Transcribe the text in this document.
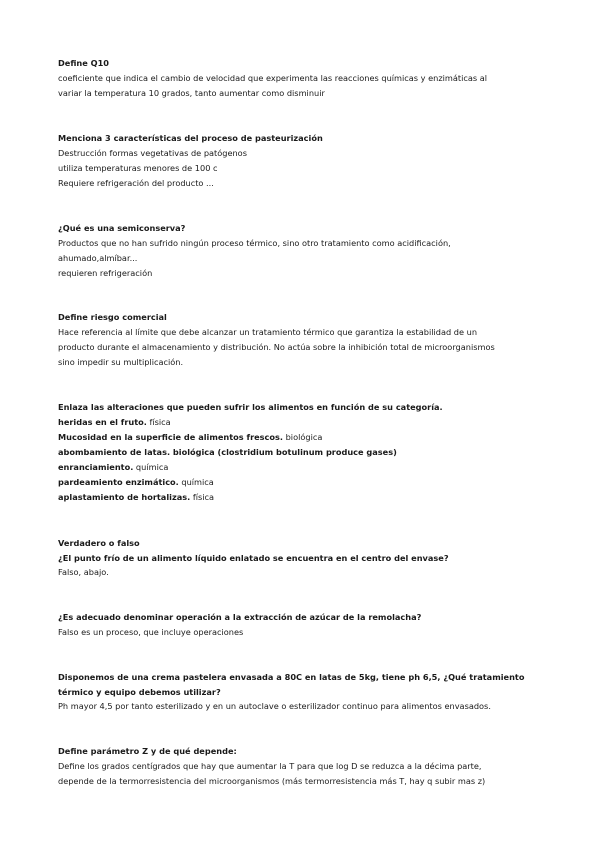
Define Q10

coeficiente que indica el cambio de velocidad que experimenta las reacciones químicas y enzimáticas al
variar la temperatura 10 grados, tanto aumentar como disminuir

Menciona 3 características del proceso de pasteurización

Destrucción formas vegetativas de patógenos
utiliza temperaturas menores de 100 c
Requiere refrigeración del producto ...

¿Qué es una semiconserva?

Productos que no han sufrido ningún proceso térmico, sino otro tratamiento como acidificación,
ahumado,almíbar...
requieren refrigeración

Define riesgo comercial

Hace referencia al límite que debe alcanzar un tratamiento térmico que garantiza la estabilidad de un
producto durante el almacenamiento y distribución. No actúa sobre la inhibición total de microorganismos
sino impedir su multiplicación.

Enlaza las alteraciones que pueden sufrir los alimentos en función de su categoría.

heridas en el fruto. física
Mucosidad en la superficie de alimentos frescos. biológica
abombamiento de latas. biológica (clostridium botulinum produce gases)
enranciamiento. química
pardeamiento enzimático. química
aplastamiento de hortalizas. física

Verdadero o falso

¿El punto frío de un alimento líquido enlatado se encuentra en el centro del envase?

Falso, abajo.

¿Es adecuado denominar operación a la extracción de azúcar de la remolacha?

Falso es un proceso, que incluye operaciones

Disponemos de una crema pastelera envasada a 80C en latas de 5kg, tiene ph 6,5, ¿Qué tratamiento
térmico y equipo debemos utilizar?

Ph mayor 4,5 por tanto esterilizado y en un autoclave o esterilizador continuo para alimentos envasados.

Define parámetro Z y de qué depende:

Define los grados centígrados que hay que aumentar la T para que log D se reduzca a la décima parte,
depende de la termorresistencia del microorganismos (más termorresistencia más T, hay q subir mas z)
